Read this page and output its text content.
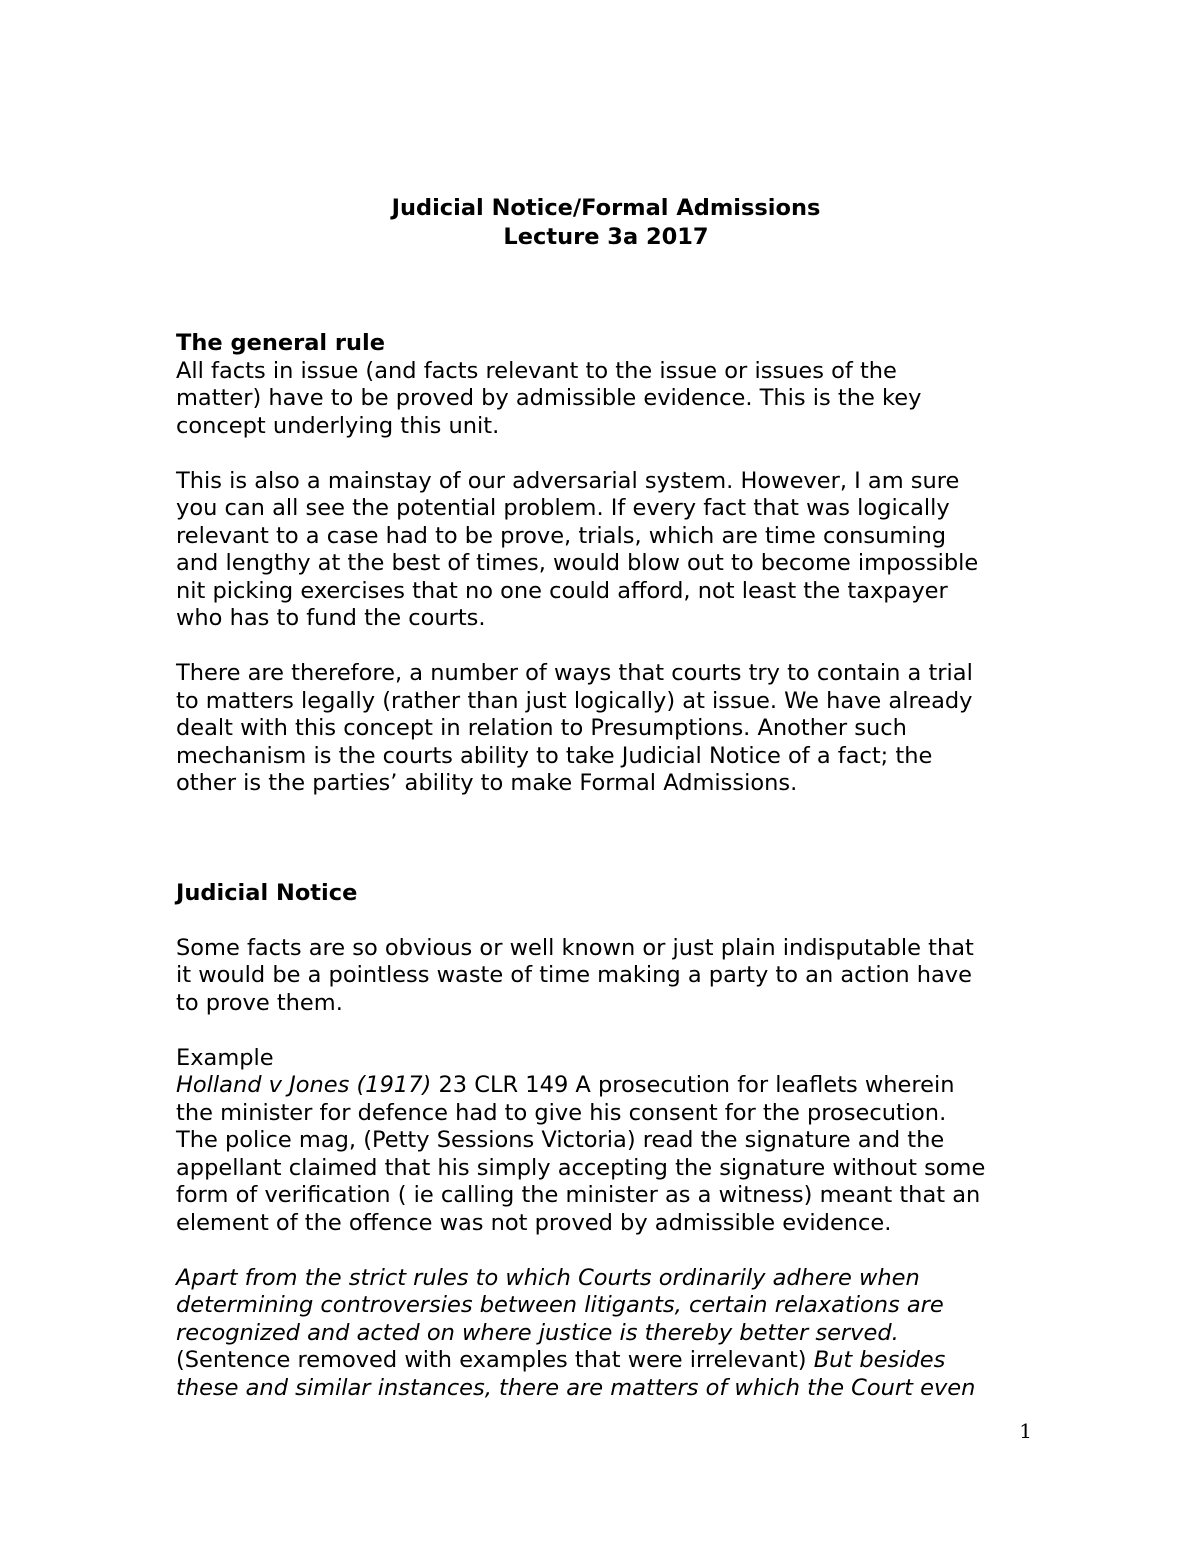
Judicial Notice/Formal Admissions

Lecture 3a 2017

The general rule

All facts in issue (and facts relevant to the issue or issues of the
matter) have to be proved by admissible evidence. This is the key
concept underlying this unit.

This is also a mainstay of our adversarial system. However, I am sure
you can all see the potential problem. If every fact that was logically
relevant to a case had to be prove, trials, which are time consuming
and lengthy at the best of times, would blow out to become impossible
nit picking exercises that no one could afford, not least the taxpayer
who has to fund the courts.

There are therefore, a number of ways that courts try to contain a trial
to matters legally (rather than just logically) at issue. We have already
dealt with this concept in relation to Presumptions. Another such
mechanism is the courts ability to take Judicial Notice of a fact; the
other is the parties’ ability to make Formal Admissions.

Judicial Notice

Some facts are so obvious or well known or just plain indisputable that
it would be a pointless waste of time making a party to an action have
to prove them.

Example

Holland v Jones (1917) 23 CLR 149 A prosecution for leaflets wherein
the minister for defence had to give his consent for the prosecution.
The police mag, (Petty Sessions Victoria) read the signature and the
appellant claimed that his simply accepting the signature without some
form of verification ( ie calling the minister as a witness) meant that an
element of the offence was not proved by admissible evidence.

Apart from the strict rules to which Courts ordinarily adhere when
determining controversies between litigants, certain relaxations are
recognized and acted on where justice is thereby better served.
(Sentence removed with examples that were irrelevant) But besides
these and similar instances, there are matters of which the Court even

1
